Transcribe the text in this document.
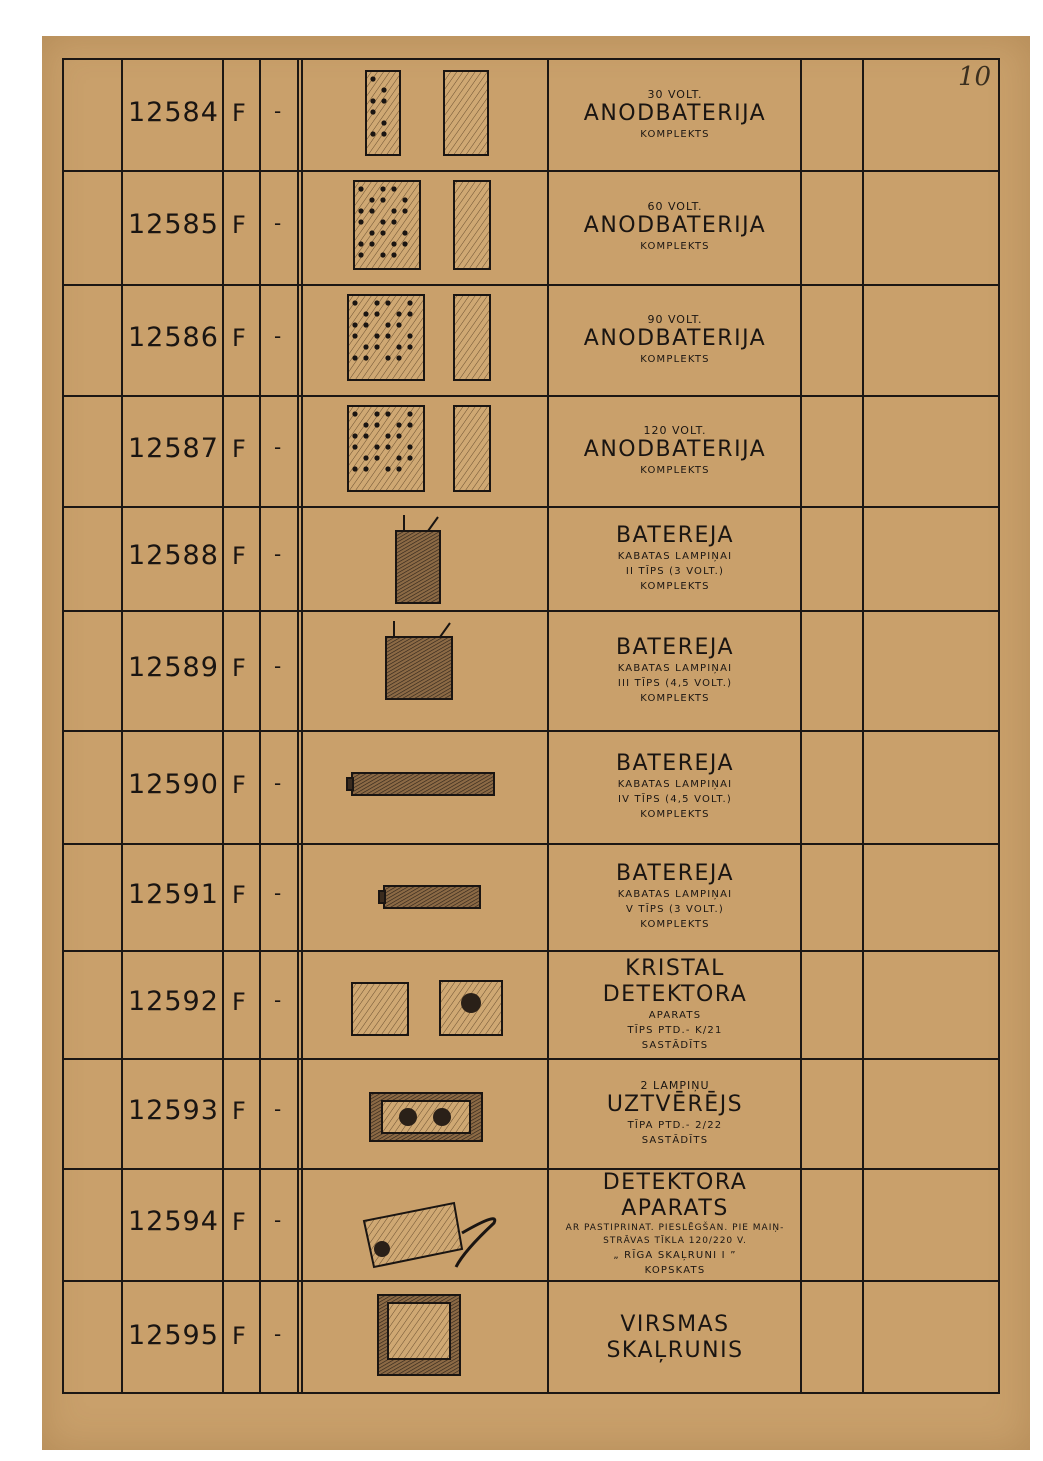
10
12584 F -
30 VOLT.
ANODBATERIJA
KOMPLEKTS
12585 F -
60 VOLT.
ANODBATERIJA
KOMPLEKTS
12586 F -
90 VOLT.
ANODBATERIJA
KOMPLEKTS
12587 F -
120 VOLT.
ANODBATERIJA
KOMPLEKTS
12588 F -
BATEREJA
KABATAS LAMPIŅAI
II TĪPS (3 VOLT.)
KOMPLEKTS
12589 F -
BATEREJA
KABATAS LAMPIŅAI
III TĪPS (4,5 VOLT.)
KOMPLEKTS
12590 F -
BATEREJA
KABATAS LAMPIŅAI
IV TĪPS (4,5 VOLT.)
KOMPLEKTS
12591 F -
BATEREJA
KABATAS LAMPIŅAI
V TĪPS (3 VOLT.)
KOMPLEKTS
12592 F -
KRISTAL DETEKTORA
APARATS
TĪPS PTD.- K/21
SASTĀDĪTS
12593 F -
2 LAMPIŅU
UZTVĒRĒJS
TĪPA PTD.- 2/22
SASTĀDĪTS
12594 F -
DETEKTORA APARATS
AR PASTIPRINAT. PIESLĒGŠAN. PIE MAIŅ-
STRĀVAS TĪKLA 120/220 V.
„ RĪGA SKAĻRUNI I ”
KOPSKATS
12595 F -	VIRSMAS SKAĻRUNIS
